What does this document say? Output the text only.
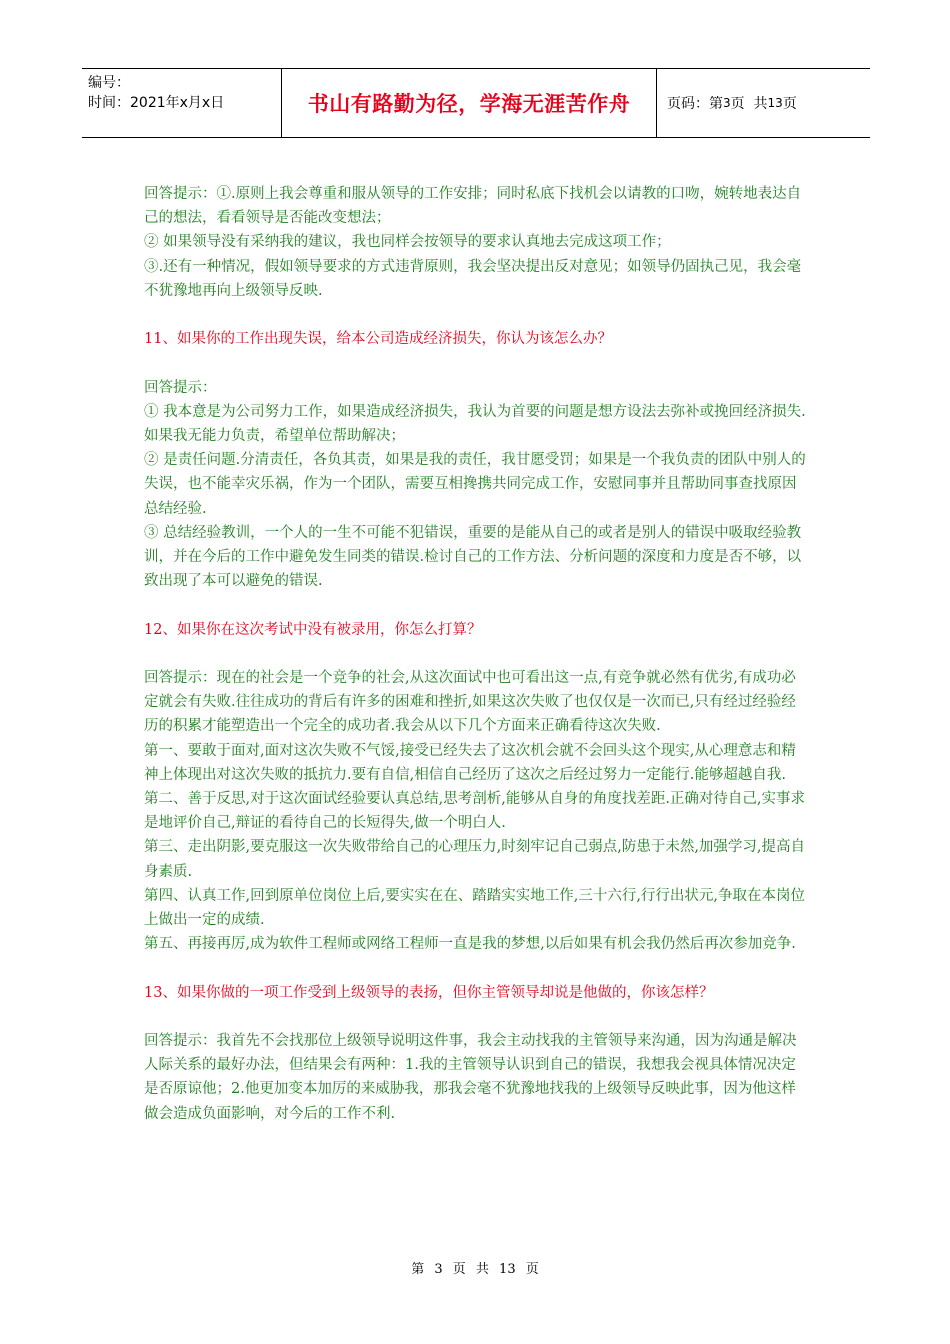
编号：
时间：2021年x月x日	书山有路勤为径，学海无涯苦作舟	页码：第 3 页  共 13 页

回答提示：①.原则上我会尊重和服从领导的工作安排；同时私底下找机会以请教的口吻，婉转地表达自己的想法，看看领导是否能改变想法；

② 如果领导没有采纳我的建议，我也同样会按领导的要求认真地去完成这项工作；

③.还有一种情况，假如领导要求的方式违背原则，我会坚决提出反对意见；如领导仍固执己见，我会毫不犹豫地再向上级领导反映.

11、如果你的工作出现失误，给本公司造成经济损失，你认为该怎么办？

回答提示：

① 我本意是为公司努力工作，如果造成经济损失，我认为首要的问题是想方设法去弥补或挽回经济损失.如果我无能力负责，希望单位帮助解决；

② 是责任问题.分清责任，各负其责，如果是我的责任，我甘愿受罚；如果是一个我负责的团队中别人的失误，也不能幸灾乐祸，作为一个团队，需要互相搀携共同完成工作，安慰同事并且帮助同事查找原因总结经验.

③ 总结经验教训，一个人的一生不可能不犯错误，重要的是能从自己的或者是别人的错误中吸取经验教训，并在今后的工作中避免发生同类的错误.检讨自己的工作方法、分析问题的深度和力度是否不够，以致出现了本可以避免的错误.

12、如果你在这次考试中没有被录用，你怎么打算？

回答提示：现在的社会是一个竞争的社会,从这次面试中也可看出这一点,有竞争就必然有优劣,有成功必定就会有失败.往往成功的背后有许多的困难和挫折,如果这次失败了也仅仅是一次而已,只有经过经验经历的积累才能塑造出一个完全的成功者.我会从以下几个方面来正确看待这次失败.

第一、要敢于面对,面对这次失败不气馁,接受已经失去了这次机会就不会回头这个现实,从心理意志和精神上体现出对这次失败的抵抗力.要有自信,相信自己经历了这次之后经过努力一定能行.能够超越自我.

第二、善于反思,对于这次面试经验要认真总结,思考剖析,能够从自身的角度找差距.正确对待自己,实事求是地评价自己,辩证的看待自己的长短得失,做一个明白人.

第三、走出阴影,要克服这一次失败带给自己的心理压力,时刻牢记自己弱点,防患于未然,加强学习,提高自身素质.

第四、认真工作,回到原单位岗位上后,要实实在在、踏踏实实地工作,三十六行,行行出状元,争取在本岗位上做出一定的成绩.

第五、再接再厉,成为软件工程师或网络工程师一直是我的梦想,以后如果有机会我仍然后再次参加竞争.

13、如果你做的一项工作受到上级领导的表扬，但你主管领导却说是他做的，你该怎样？

回答提示：我首先不会找那位上级领导说明这件事，我会主动找我的主管领导来沟通，因为沟通是解决人际关系的最好办法，但结果会有两种：1.我的主管领导认识到自己的错误，我想我会视具体情况决定是否原谅他；2.他更加变本加厉的来威胁我，那我会毫不犹豫地找我的上级领导反映此事，因为他这样做会造成负面影响，对今后的工作不利.

第 3 页 共 13 页
